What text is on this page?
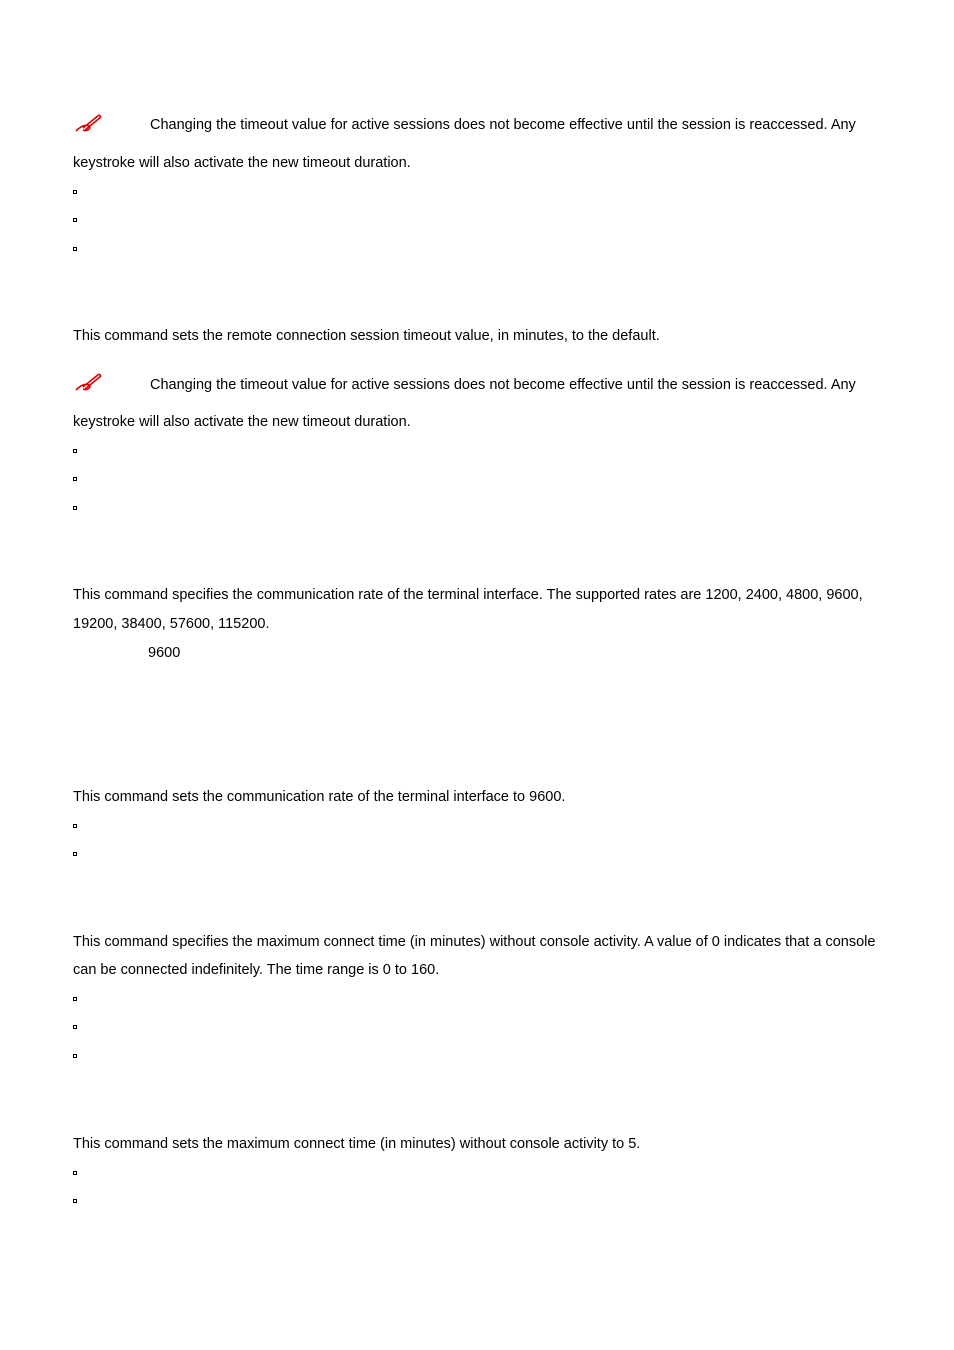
Changing the timeout value for active sessions does not become effective until the session is reaccessed. Any
keystroke will also activate the new timeout duration.
This command sets the remote connection session timeout value, in minutes, to the default.
Changing the timeout value for active sessions does not become effective until the session is reaccessed. Any
keystroke will also activate the new timeout duration.
This command specifies the communication rate of the terminal interface. The supported rates are 1200, 2400, 4800, 9600,
19200, 38400, 57600, 115200.
9600
This command sets the communication rate of the terminal interface to 9600.
This command specifies the maximum connect time (in minutes) without console activity. A value of 0 indicates that a console
can be connected indefinitely. The time range is 0 to 160.
This command sets the maximum connect time (in minutes) without console activity to 5.
